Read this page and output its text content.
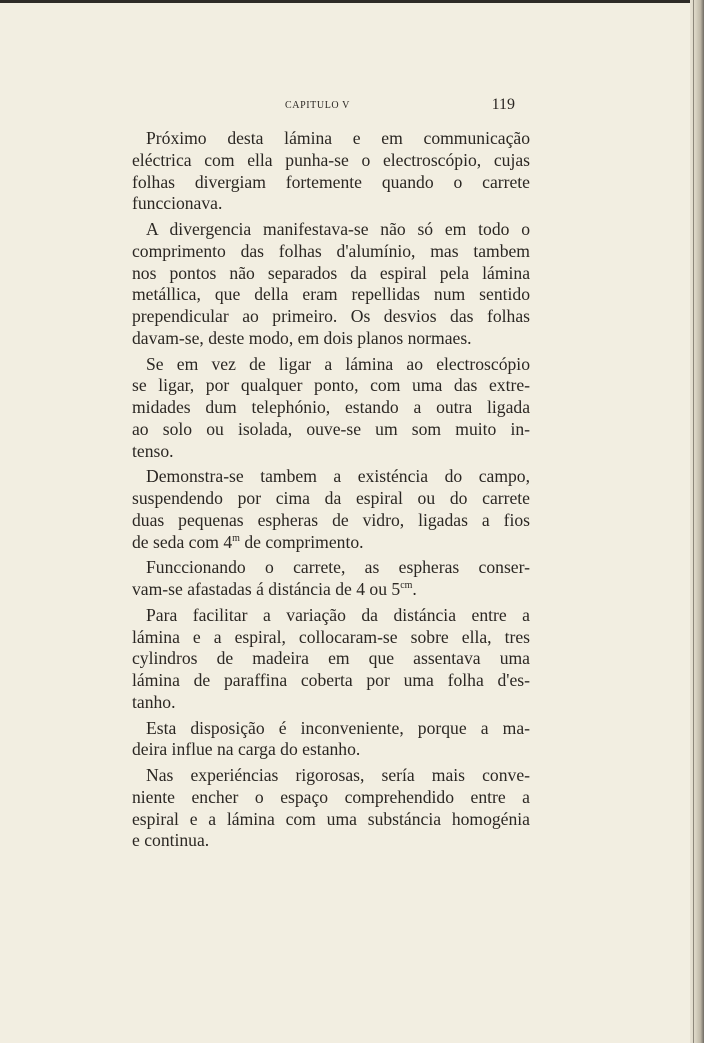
CAPITULO V	119
Próximo desta lámina e em communicação
eléctrica com ella punha-se o electroscópio, cujas
folhas divergiam fortemente quando o carrete
funccionava.
A divergencia manifestava-se não só em todo o
comprimento das folhas d'alumínio, mas tambem
nos pontos não separados da espiral pela lámina
metállica, que della eram repellidas num sentido
prependicular ao primeiro. Os desvios das folhas
davam-se, deste modo, em dois planos normaes.
Se em vez de ligar a lámina ao electroscópio
se ligar, por qualquer ponto, com uma das extre-
midades dum telephónio, estando a outra ligada
ao solo ou isolada, ouve-se um som muito in-
tenso.
Demonstra-se tambem a existéncia do campo,
suspendendo por cima da espiral ou do carrete
duas pequenas espheras de vidro, ligadas a fios
de seda com 4$^m$ de comprimento.
Funccionando o carrete, as espheras conser-
vam-se afastadas á distáncia de 4 ou $5^{cm}$.
Para facilitar a variação da distáncia entre a
lámina e a espiral, collocaram-se sobre ella, tres
cylindros de madeira em que assentava uma
lámina de paraffina coberta por uma folha d'es-
tanho.
Esta disposição é inconveniente, porque a ma-
deira influe na carga do estanho.
Nas experiéncias rigorosas, sería mais conve-
niente encher o espaço comprehendido entre a
espiral e a lámina com uma substáncia homogénia
e continua.
